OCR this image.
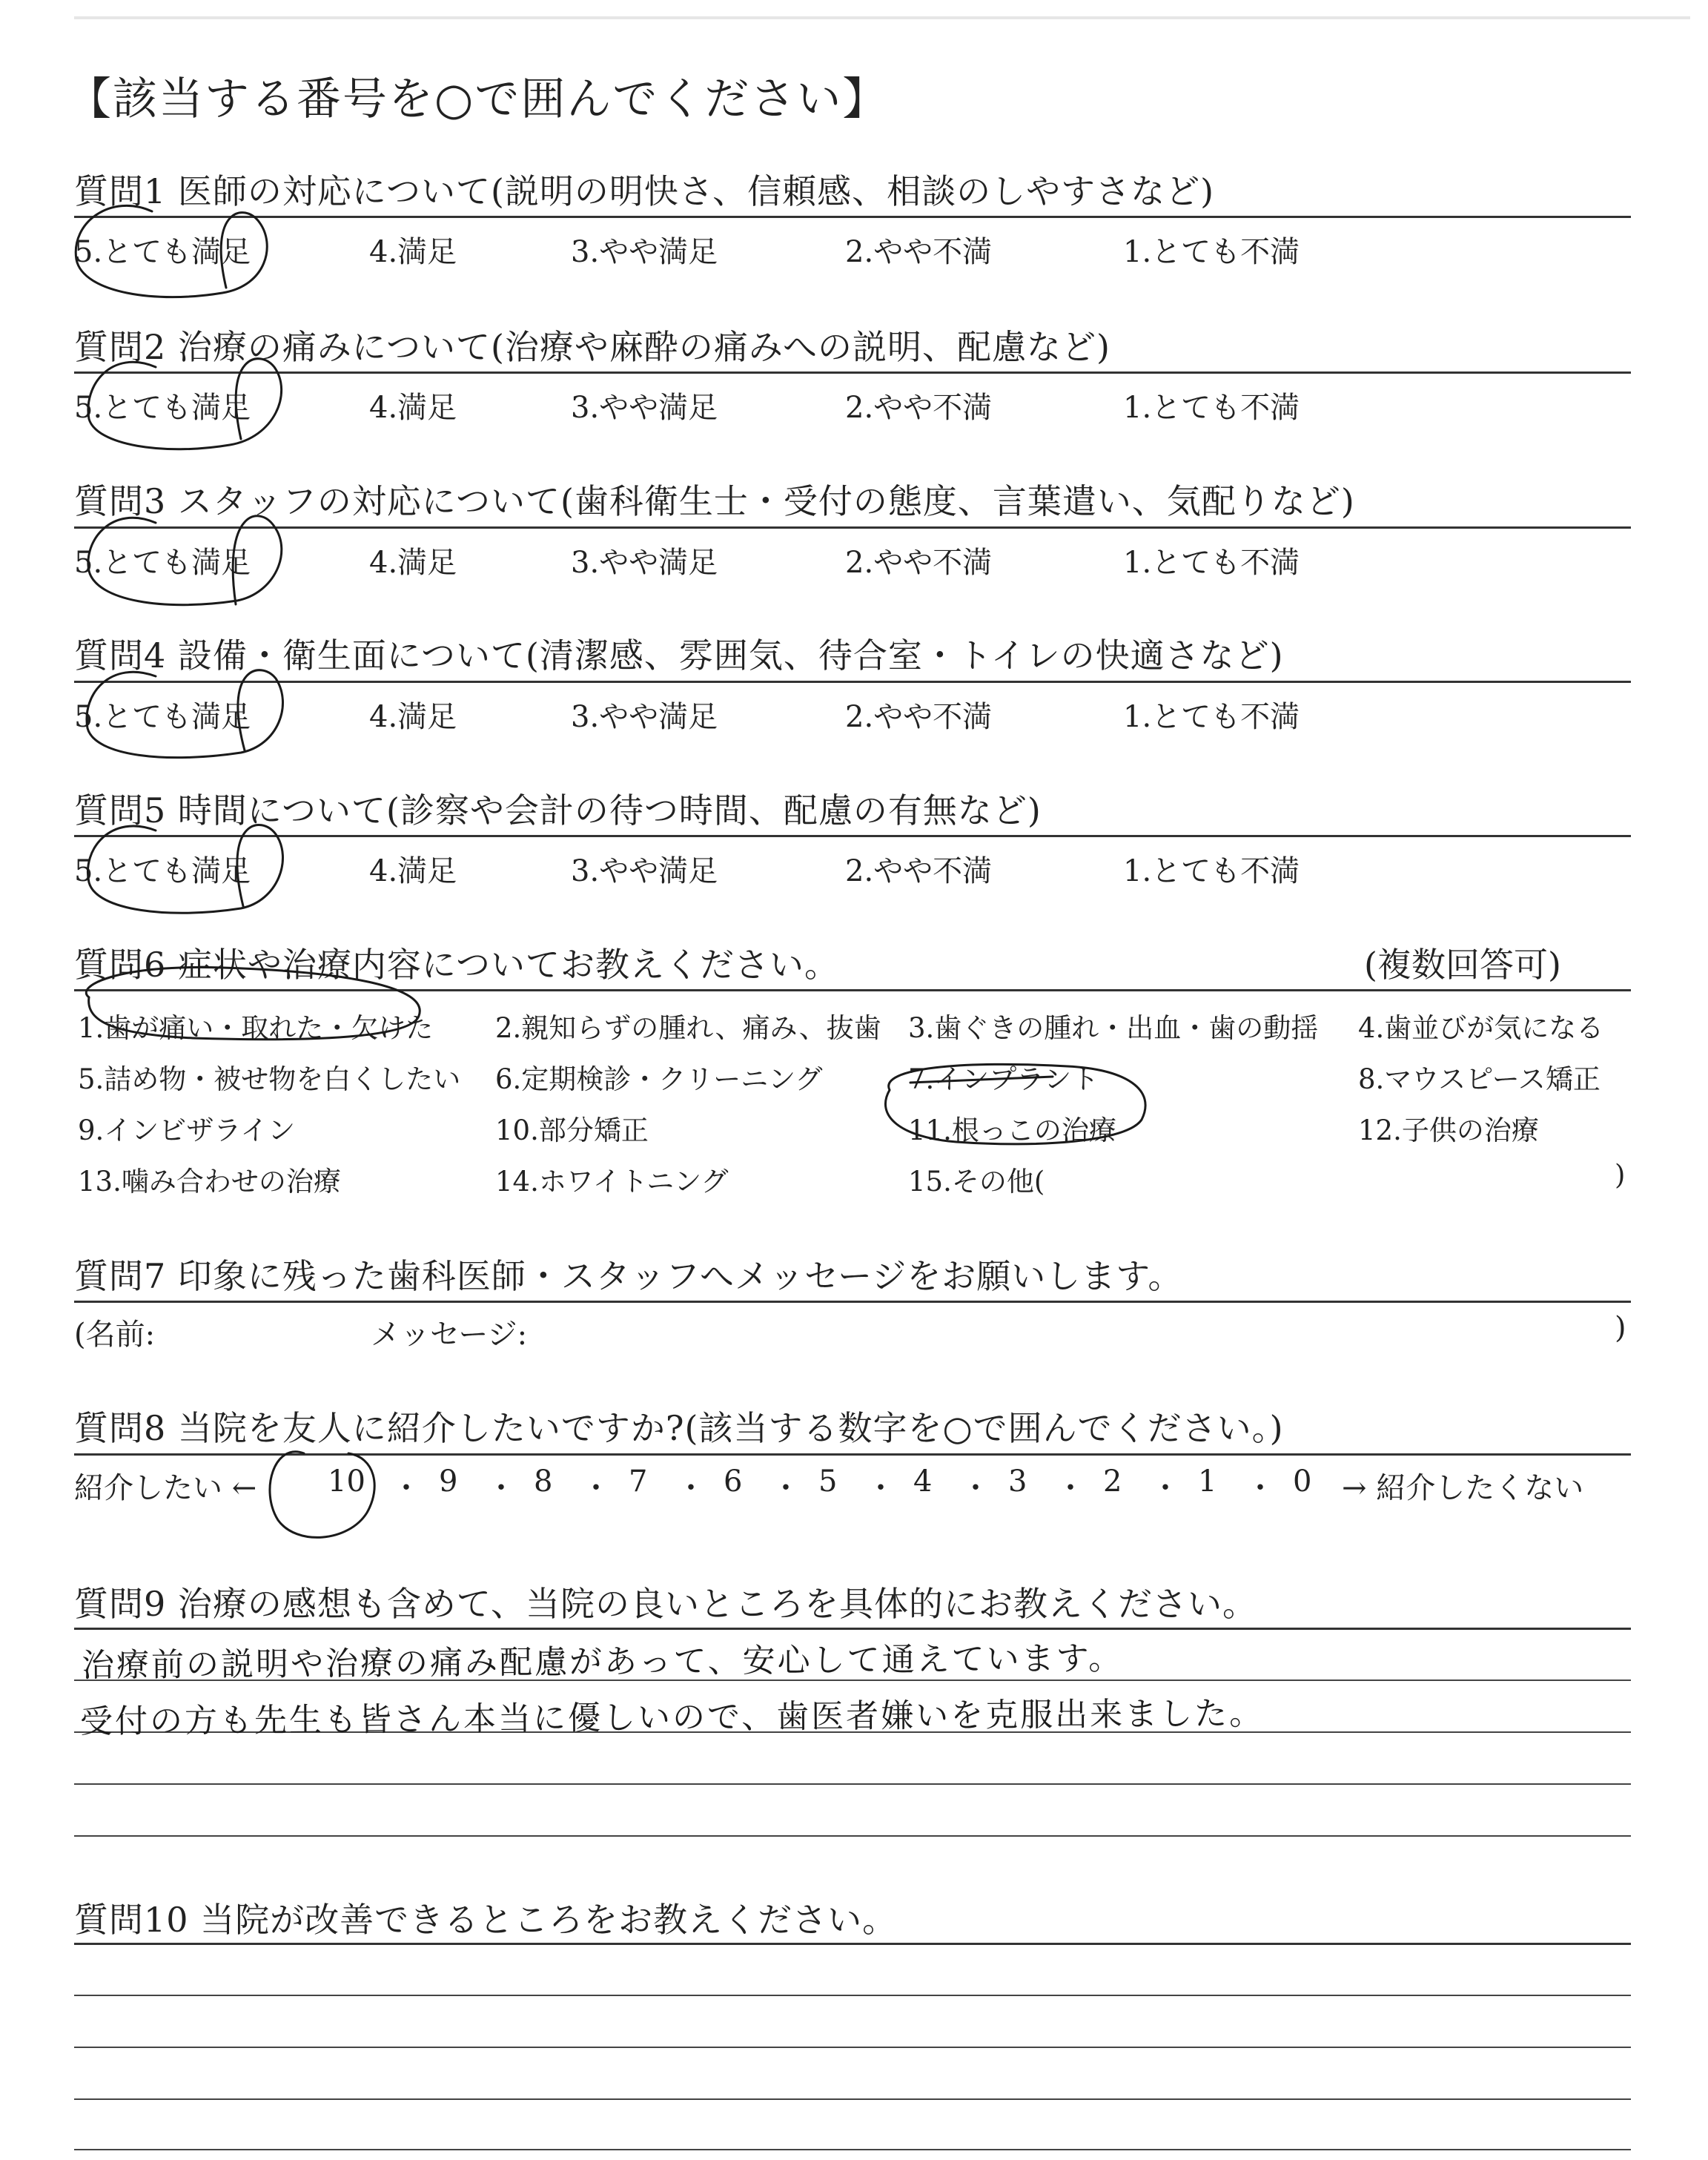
【該当する番号を○で囲んでください】
質問1 医師の対応について(説明の明快さ、信頼感、相談のしやすさなど)
5.とても満足	4.満足	3.やや満足	2.やや不満	1.とても不満
質問2 治療の痛みについて(治療や麻酔の痛みへの説明、配慮など)
5.とても満足	4.満足	3.やや満足	2.やや不満	1.とても不満
質問3 スタッフの対応について(歯科衛生士・受付の態度、言葉遣い、気配りなど)
5.とても満足	4.満足	3.やや満足	2.やや不満	1.とても不満
質問4 設備・衛生面について(清潔感、雰囲気、待合室・トイレの快適さなど)
5.とても満足	4.満足	3.やや満足	2.やや不満	1.とても不満
質問5 時間について(診察や会計の待つ時間、配慮の有無など)
5.とても満足	4.満足	3.やや満足	2.やや不満	1.とても不満
質問6 症状や治療内容についてお教えください。	(複数回答可)
1.歯が痛い・取れた・欠けた 2.親知らずの腫れ、痛み、抜歯 3.歯ぐきの腫れ・出血・歯の動揺 4.歯並びが気になる
5.詰め物・被せ物を白くしたい 6.定期検診・クリーニング	7.インプラント	8.マウスピース矯正
9.インビザライン	10.部分矯正	11.根っこの治療	12.子供の治療
13.噛み合わせの治療	14.ホワイトニング	15.その他(	)
質問7 印象に残った歯科医師・スタッフへメッセージをお願いします。
(名前:	メッセージ:	)
質問8 当院を友人に紹介したいですか?(該当する数字を○で囲んでください。)
紹介したい ← 10 ・ 9 ・ 8 ・ 7 ・ 6 ・ 5 ・ 4 ・ 3 ・ 2 ・ 1 ・ 0 → 紹介したくない
質問9 治療の感想も含めて、当院の良いところを具体的にお教えください。
治療前の説明や治療の痛み配慮があって、安心して通えています。
受付の方も先生も皆さん本当に優しいので、歯医者嫌いを克服出来ました。
質問10 当院が改善できるところをお教えください。
